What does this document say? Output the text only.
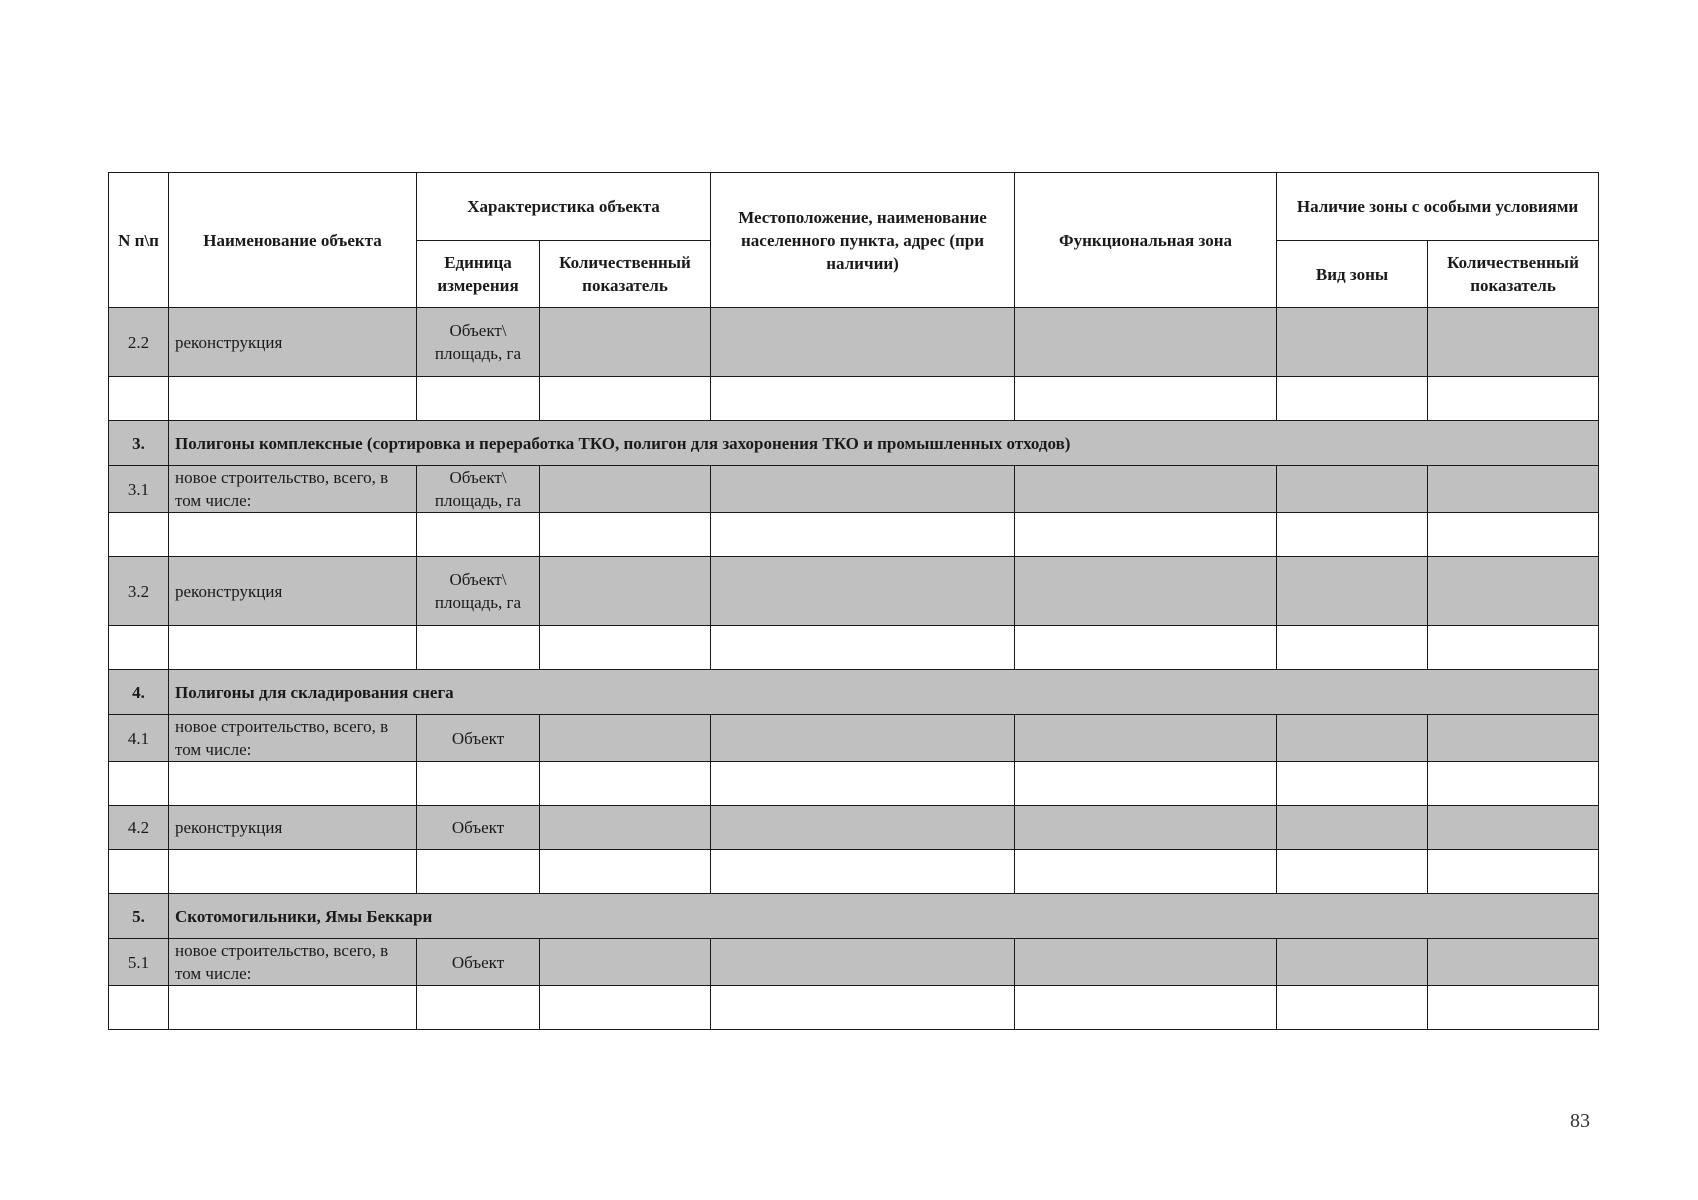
N п\п	Наименование объекта	Характеристика объекта		Местоположение, наименование населенного пункта, адрес (при наличии)	Функциональная зона	Наличие зоны с особыми условиями	
		Единица измерения	Количественный показатель			Вид зоны	Количественный показатель
2.2	реконструкция	Объект\ площадь, га					

3.	Полигоны комплексные (сортировка и переработка ТКО, полигон для захоронения ТКО и промышленных отходов)						
3.1	новое строительство, всего, в том числе:	Объект\ площадь, га					

3.2	реконструкция	Объект\ площадь, га					

4.	Полигоны для складирования снега						
4.1	новое строительство, всего, в том числе:	Объект					

4.2	реконструкция	Объект					

5.	Скотомогильники, Ямы Беккари						
5.1	новое строительство, всего, в том числе:	Объект					

83
